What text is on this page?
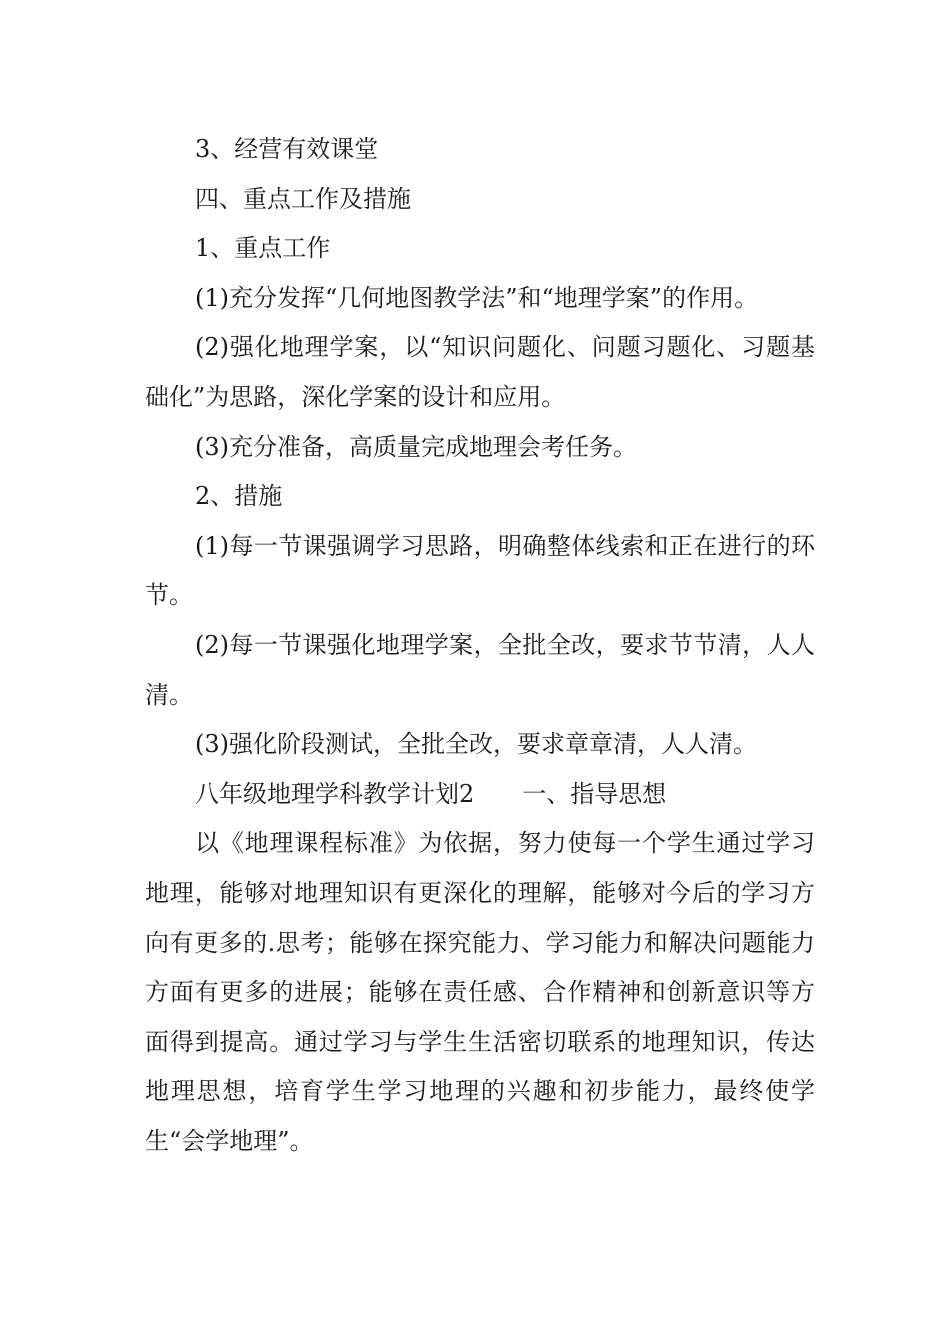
3、经营有效课堂

四、重点工作及措施

1、重点工作

(1)充分发挥“几何地图教学法”和“地理学案”的作用。

(2)强化地理学案，以“知识问题化、问题习题化、习题基础化”为思路，深化学案的设计和应用。

(3)充分准备，高质量完成地理会考任务。

2、措施

(1)每一节课强调学习思路，明确整体线索和正在进行的环节。

(2)每一节课强化地理学案，全批全改，要求节节清，人人清。

(3)强化阶段测试，全批全改，要求章章清，人人清。

八年级地理学科教学计划2 一、指导思想

以《地理课程标准》为依据，努力使每一个学生通过学习地理，能够对地理知识有更深化的理解，能够对今后的学习方向有更多的.思考；能够在探究能力、学习能力和解决问题能力方面有更多的进展；能够在责任感、合作精神和创新意识等方面得到提高。通过学习与学生生活密切联系的地理知识，传达地理思想，培育学生学习地理的兴趣和初步能力，最终使学生“会学地理”。
